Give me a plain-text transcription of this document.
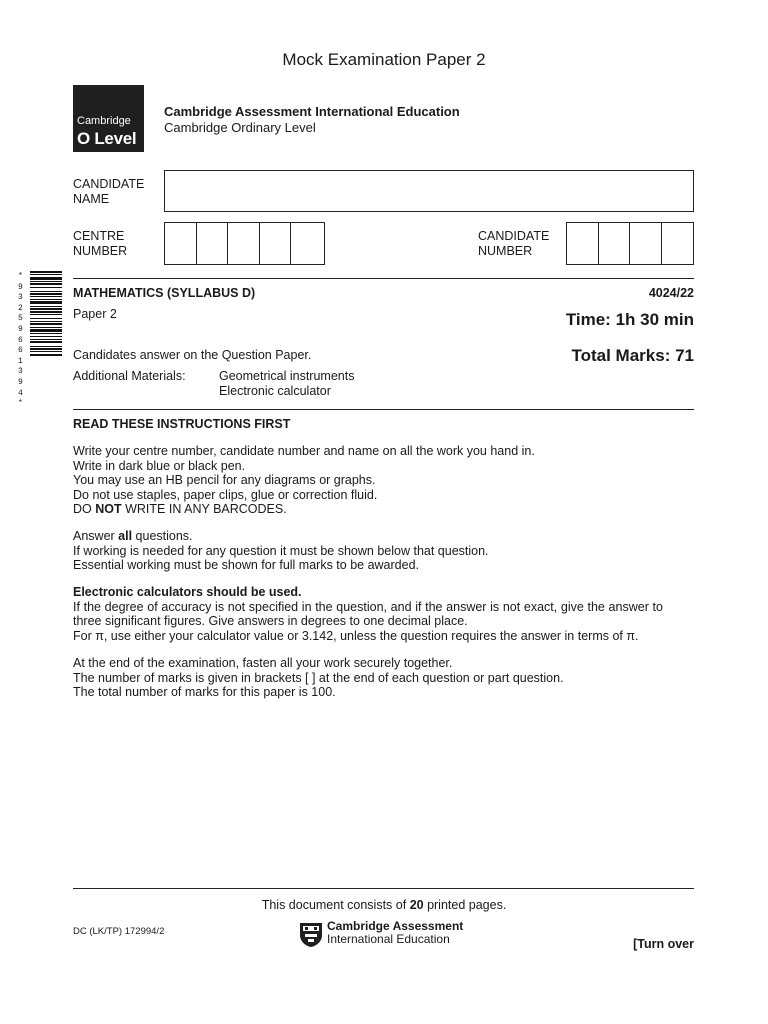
Mock Examination Paper 2
Cambridge
O Level
Cambridge Assessment International Education
Cambridge Ordinary Level
CANDIDATE
NAME
CENTRE
NUMBER
CANDIDATE
NUMBER
* 9 3 2 5 9 6 6 1 3 9 4 *
MATHEMATICS (SYLLABUS D)	4024/22
Paper 2	Time: 1h 30 min
Total Marks: 71
Candidates answer on the Question Paper.
Additional Materials:	Geometrical instruments
Electronic calculator
READ THESE INSTRUCTIONS FIRST
Write your centre number, candidate number and name on all the work you hand in.
Write in dark blue or black pen.
You may use an HB pencil for any diagrams or graphs.
Do not use staples, paper clips, glue or correction fluid.
DO NOT WRITE IN ANY BARCODES.
Answer all questions.
If working is needed for any question it must be shown below that question.
Essential working must be shown for full marks to be awarded.
Electronic calculators should be used.
If the degree of accuracy is not specified in the question, and if the answer is not exact, give the answer to
three significant figures. Give answers in degrees to one decimal place.
For π, use either your calculator value or 3.142, unless the question requires the answer in terms of π.
At the end of the examination, fasten all your work securely together.
The number of marks is given in brackets [ ] at the end of each question or part question.
The total number of marks for this paper is 100.
This document consists of 20 printed pages.
DC (LK/TP) 172994/2	Cambridge Assessment
International Education	[Turn over
